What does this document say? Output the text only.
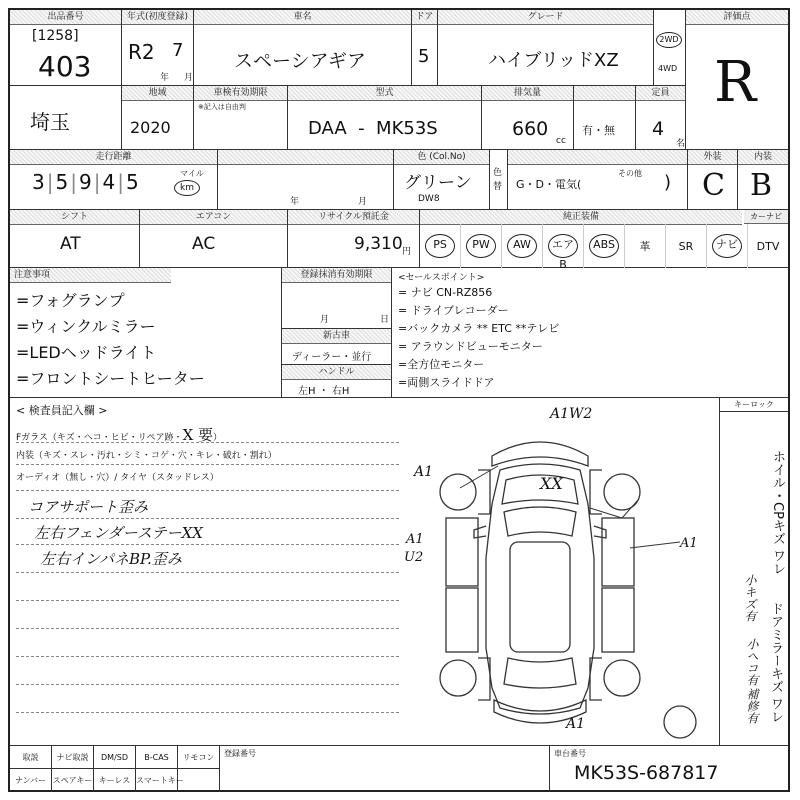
出品番号
[1258]
403
年式(初度登録)
R2 7
年 月
車名
スペーシアギア
ドア
5
グレード
ハイブリッドXZ
2WD
4WD
評価点
R
埼玉
地域
2020
車検有効期限
※記入は自由判
型式
DAA  -  MK53S
排気量
660
cc
有・無
定員
4
名
走行距離
3|5|9|4|5	マイル
km
年	月
色 (Col.No)
グリーン
DW8
色替 G・D・電気(
その他 )
外装
C
内装
B
シフト
AT
エアコン
AC
リサイクル預託金
9,310 円
純正装備	カーナビ
PS	PW	AW	エアB
ABS	革	SR	ナビ	DTV
注意事項
=フォグランプ
=ウィンクルミラー
=LEDヘッドライト
=フロントシートヒーター
登録抹消有効期限
月	日
新古車
ディーラー・並行
ハンドル
左H ・ 右H
<セールスポイント>
= ナビ CN-RZ856
= ドライブレコーダー
=バックカメラ ** ETC **テレビ
= アラウンドビューモニター
=全方位モニター
=両側スライドドア
< 検査員記入欄 >
Fガラス（キズ・ヘコ・ヒビ・リペア跡・X 要）
内装（キズ・スレ・汚れ・シミ・コゲ・穴・キレ・破れ・割れ）
オーディオ（無し・穴）/ タイヤ（スタッドレス）
コアサポート歪み
左右フェンダーステーXX
左右インパネBP.歪み
A1W2
A1
XX
A1
A1
U2
A1
キーロック
ホイル・CPキズ ワレ
小キズ有
ドアミラーキズ ワレ
小ヘコ有
補修有
取説	ナビ取説	DM/SD	B-CAS	リモコン
ナンバー スペアキー キーレス スマートキー
登録番号	車台番号
MK53S-687817
